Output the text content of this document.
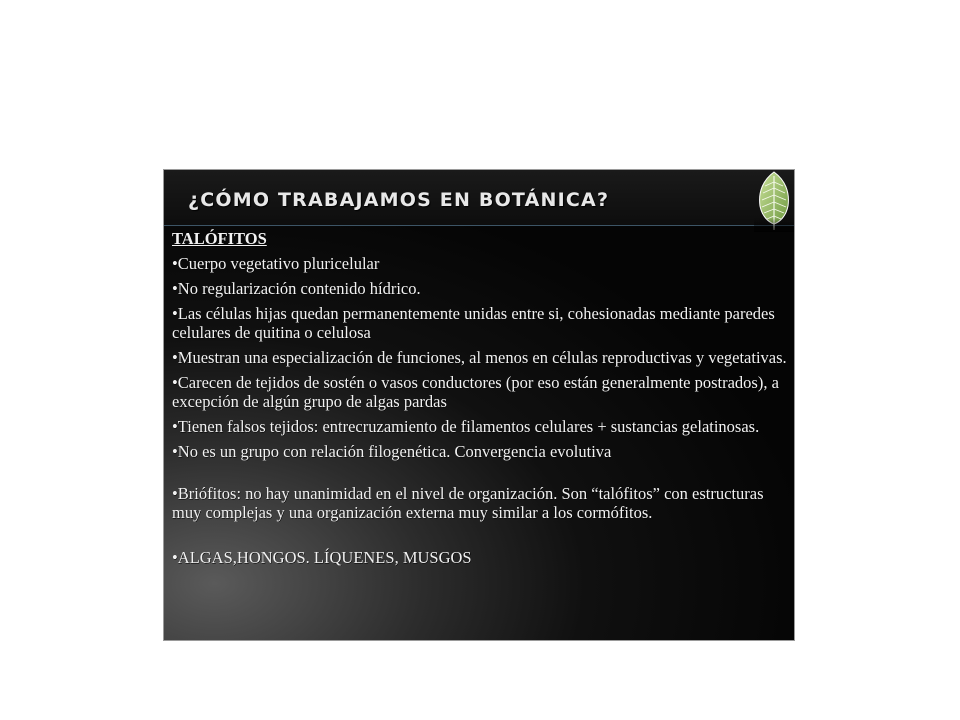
¿CÓMO TRABAJAMOS EN BOTÁNICA?

TALÓFITOS

•Cuerpo vegetativo pluricelular

•No regularización contenido hídrico.

•Las células hijas quedan permanentemente unidas entre si, cohesionadas mediante paredes celulares de quitina o celulosa

•Muestran una especialización de funciones, al menos en células reproductivas y vegetativas.

•Carecen de tejidos de sostén o vasos conductores (por eso están generalmente postrados), a excepción de algún grupo de algas pardas

•Tienen falsos tejidos: entrecruzamiento de filamentos celulares + sustancias gelatinosas.

•No es un grupo con relación filogenética. Convergencia evolutiva

•Briófitos: no hay unanimidad en el nivel de organización. Son “talófitos” con estructuras muy complejas y una organización externa muy similar a los cormófitos.

•ALGAS,HONGOS. LÍQUENES, MUSGOS
